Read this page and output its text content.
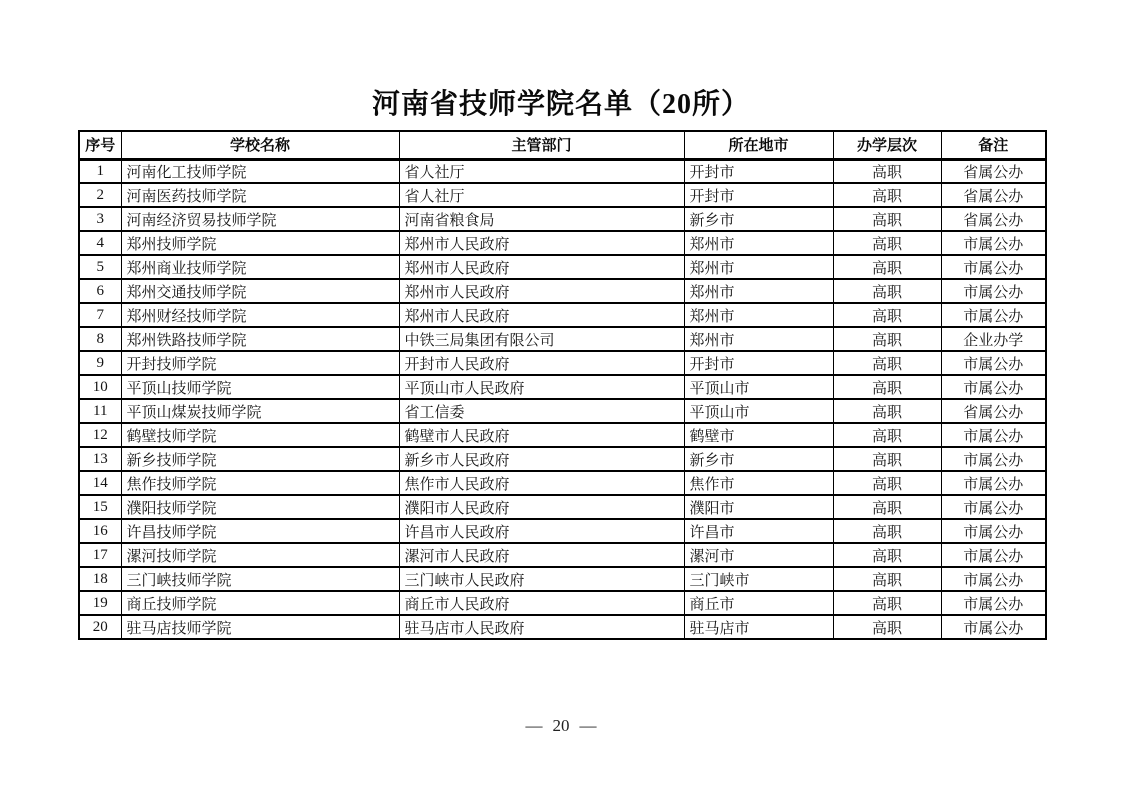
河南省技师学院名单（20所）
序号	学校名称	主管部门	所在地市	办学层次	备注
1	河南化工技师学院	省人社厅	开封市	高职	省属公办
2	河南医药技师学院	省人社厅	开封市	高职	省属公办
3	河南经济贸易技师学院	河南省粮食局	新乡市	高职	省属公办
4	郑州技师学院	郑州市人民政府	郑州市	高职	市属公办
5	郑州商业技师学院	郑州市人民政府	郑州市	高职	市属公办
6	郑州交通技师学院	郑州市人民政府	郑州市	高职	市属公办
7	郑州财经技师学院	郑州市人民政府	郑州市	高职	市属公办
8	郑州铁路技师学院	中铁三局集团有限公司	郑州市	高职	企业办学
9	开封技师学院	开封市人民政府	开封市	高职	市属公办
10	平顶山技师学院	平顶山市人民政府	平顶山市	高职	市属公办
11	平顶山煤炭技师学院	省工信委	平顶山市	高职	省属公办
12	鹤壁技师学院	鹤壁市人民政府	鹤壁市	高职	市属公办
13	新乡技师学院	新乡市人民政府	新乡市	高职	市属公办
14	焦作技师学院	焦作市人民政府	焦作市	高职	市属公办
15	濮阳技师学院	濮阳市人民政府	濮阳市	高职	市属公办
16	许昌技师学院	许昌市人民政府	许昌市	高职	市属公办
17	漯河技师学院	漯河市人民政府	漯河市	高职	市属公办
18	三门峡技师学院	三门峡市人民政府	三门峡市	高职	市属公办
19	商丘技师学院	商丘市人民政府	商丘市	高职	市属公办
20	驻马店技师学院	驻马店市人民政府	驻马店市	高职	市属公办
— 20 —
